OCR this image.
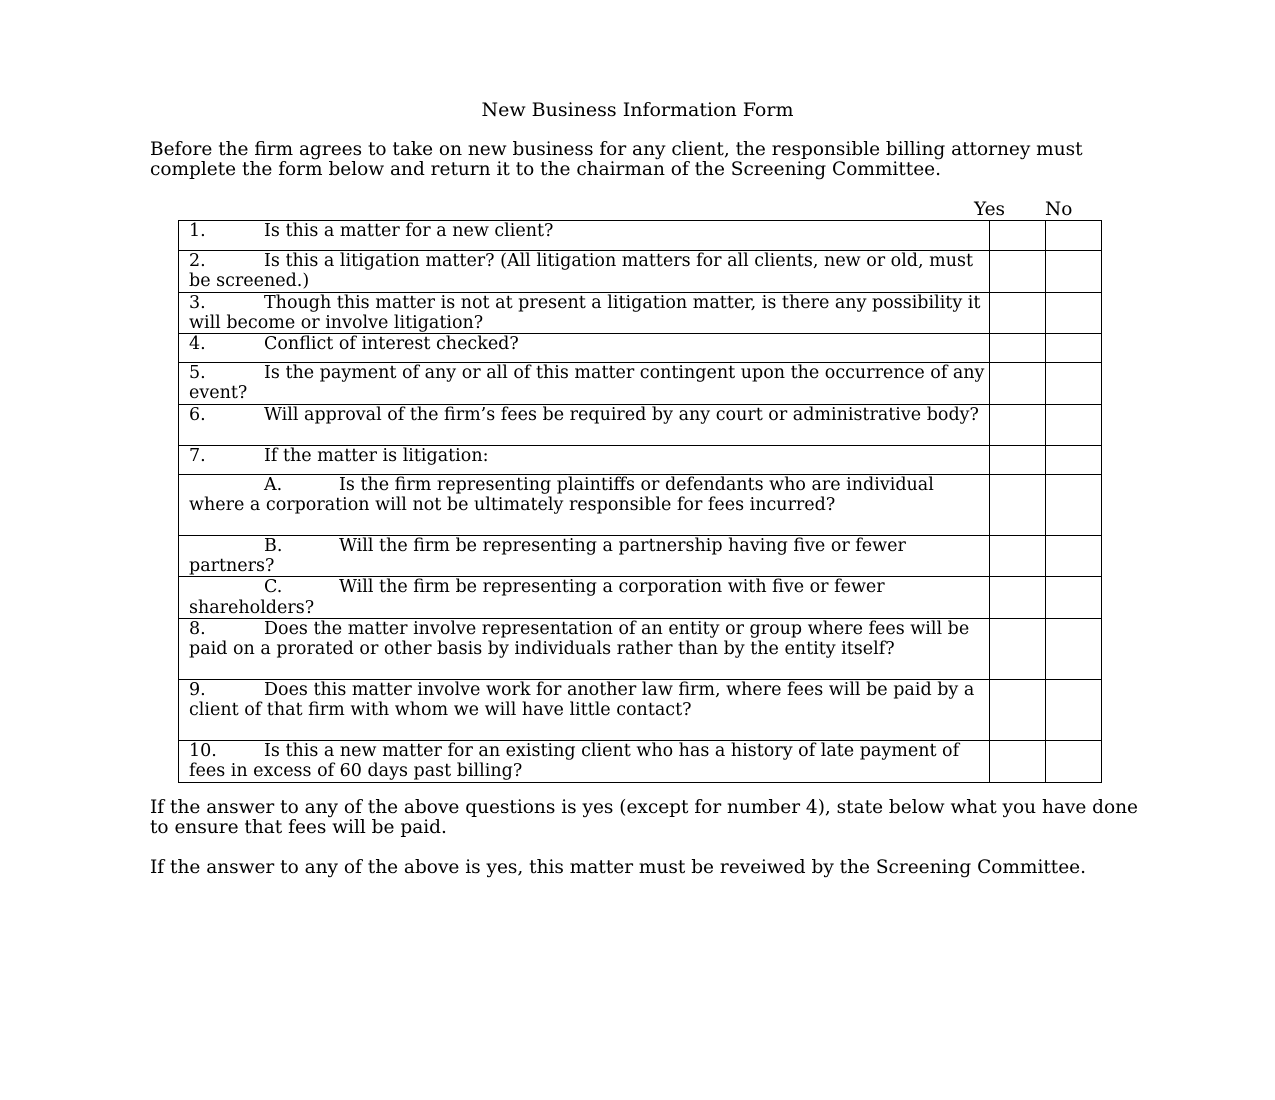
New Business Information Form

Before the firm agrees to take on new business for any client, the responsible billing attorney must complete the form below and return it to the chairman of the Screening Committee.

Yes No
1. Is this a matter for a new client?		
2. Is this a litigation matter? (All litigation matters for all clients, new or old, must be screened.)		
3. Though this matter is not at present a litigation matter, is there any possibility it will become or involve litigation?		
4. Conflict of interest checked?		
5. Is the payment of any or all of this matter contingent upon the occurrence of any event?		
6. Will approval of the firm’s fees be required by any court or administrative body?		
7. If the matter is litigation:		
A. Is the firm representing plaintiffs or defendants who are individual where a corporation will not be ultimately responsible for fees incurred?		
B. Will the firm be representing a partnership having five or fewer partners?		
C. Will the firm be representing a corporation with five or fewer shareholders?		
8. Does the matter involve representation of an entity or group where fees will be paid on a prorated or other basis by individuals rather than by the entity itself?		
9. Does this matter involve work for another law firm, where fees will be paid by a client of that firm with whom we will have little contact?		
10. Is this a new matter for an existing client who has a history of late payment of fees in excess of 60 days past billing?		

If the answer to any of the above questions is yes (except for number 4), state below what you have done to ensure that fees will be paid.

If the answer to any of the above is yes, this matter must be reveiwed by the Screening Committee.
